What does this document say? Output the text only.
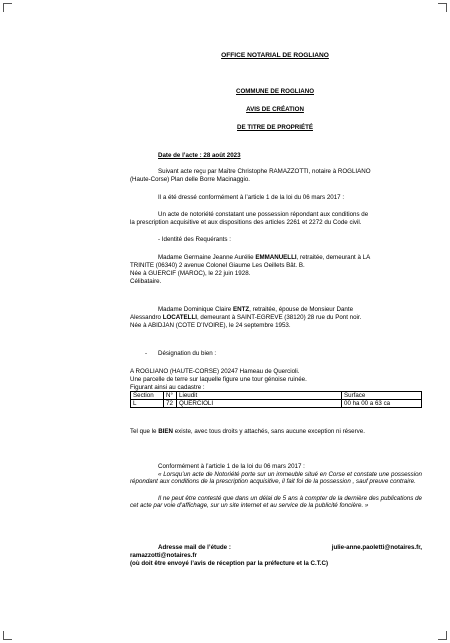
OFFICE NOTARIAL DE ROGLIANO
COMMUNE DE ROGLIANO
AVIS DE CRÉATION
DE TITRE DE PROPRIÉTÉ
Date de l’acte : 28 août 2023
Suivant acte reçu par Maître Christophe RAMAZZOTTI, notaire à ROGLIANO
(Haute-Corse) Plan delle Borre Macinaggio.
Il a été dressé conformément à l’article 1 de la loi du 06 mars 2017 :
Un acte de notoriété constatant une possession répondant aux conditions de
la prescription acquisitive et aux dispositions des articles 2261 et 2272 du Code civil.
- Identité des Requérants :
Madame Germaine Jeanne Aurélie EMMANUELLI, retraitée, demeurant à LA
TRINITE (06340) 2 avenue Colonel Giaume Les Oeillets Bât. B.
Née à GUERCIF (MAROC), le 22 juin 1928.
Célibataire.
Madame Dominique Claire ENTZ, retraitée, épouse de Monsieur Dante
Alessandro LOCATELLI, demeurant à SAINT-EGREVE (38120) 28 rue du Pont noir.
Née à ABIDJAN (COTE D’IVOIRE), le 24 septembre 1953.
- Désignation du bien :
A ROGLIANO (HAUTE-CORSE) 20247 Hameau de Quercioli.
Une parcelle de terre sur laquelle figure une tour génoise ruinée.
Figurant ainsi au cadastre :
Section	N°	Lieudit	Surface
L	72	QUERCIOLI	00 ha 00 a 63 ca
Tel que le BIEN existe, avec tous droits y attachés, sans aucune exception ni réserve.
Conformément à l’article 1 de la loi du 06 mars 2017 :
« Lorsqu’un acte de Notoriété porte sur un immeuble situé en Corse et constate une possession répondant aux conditions de la prescription acquisitive, il fait foi de la possession , sauf preuve contraire.
Il ne peut être contesté que dans un délai de 5 ans à compter de la dernière des publications de cet acte par voie d’affichage, sur un site internet et au service de la publicité foncière. »
Adresse mail de l’étude :	julie-anne.paoletti@notaires.fr,
ramazzotti@notaires.fr
(où doit être envoyé l’avis de réception par la préfecture et la C.T.C)
